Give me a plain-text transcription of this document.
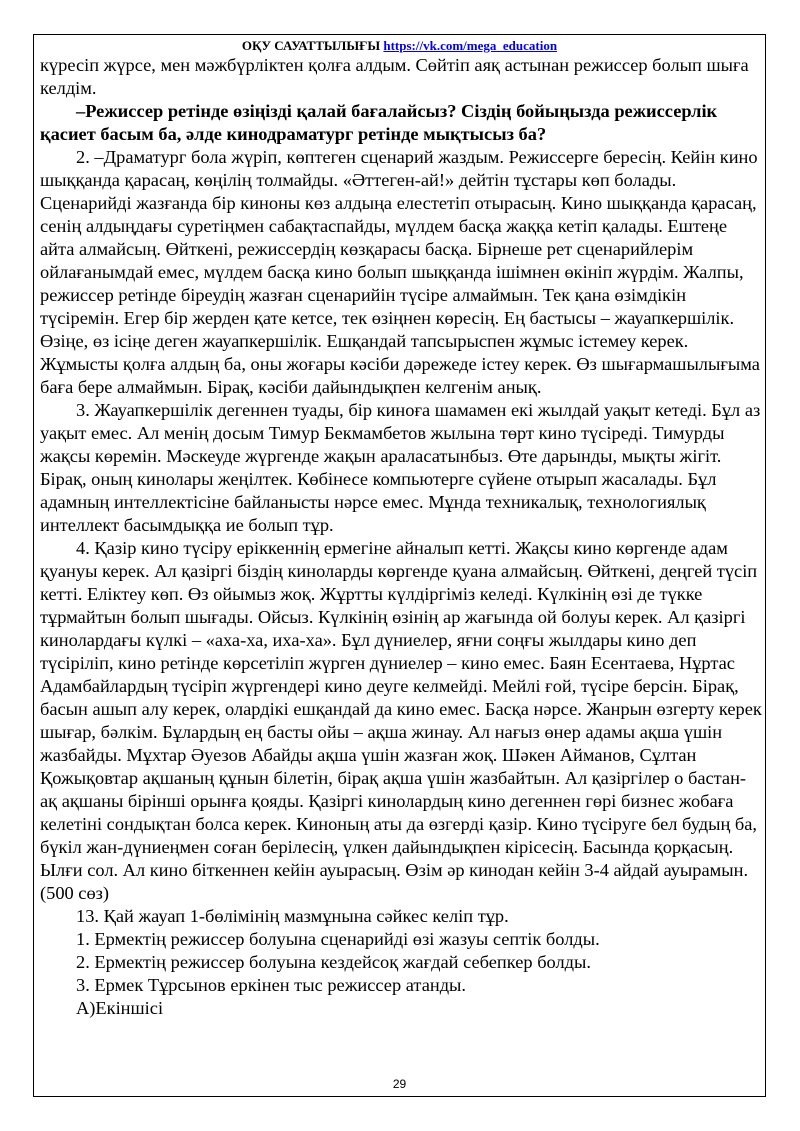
ОҚУ САУАТТЫЛЫҒЫ https://vk.com/mega_education

күресіп жүрсе, мен мәжбүрліктен қолға алдым. Сөйтіп аяқ астынан режиссер болып шыға келдім.

–Режиссер ретінде өзіңізді қалай бағалайсыз? Сіздің бойыңызда режиссерлік қасиет басым ба, әлде кинодраматург ретінде мықтысыз ба?

2. –Драматург бола жүріп, көптеген сценарий жаздым. Режиссерге бересің. Кейін кино шыққанда қарасаң, көңілің толмайды. «Әттеген-ай!» дейтін тұстары көп болады. Сценарийді жазғанда бір киноны көз алдыңа елестетіп отырасың. Кино шыққанда қарасаң, сенің алдыңдағы суретіңмен сабақтаспайды, мүлдем басқа жаққа кетіп қалады. Ештеңе айта алмайсың. Өйткені, режиссердің көзқарасы басқа. Бірнеше рет сценарийлерім ойлағанымдай емес, мүлдем басқа кино болып шыққанда ішімнен өкініп жүрдім. Жалпы, режиссер ретінде біреудің жазған сценарийін түсіре алмаймын. Тек қана өзімдікін түсіремін. Егер бір жерден қате кетсе, тек өзіңнен көресің. Ең бастысы – жауапкершілік. Өзіңе, өз ісіңе деген жауапкершілік. Ешқандай тапсырыспен жұмыс істемеу керек. Жұмысты қолға алдың ба, оны жоғары кәсіби дәрежеде істеу керек. Өз шығармашылығыма баға бере алмаймын. Бірақ, кәсіби дайындықпен келгенім анық.

3. Жауапкершілік дегеннен туады, бір киноға шамамен екі жылдай уақыт кетеді. Бұл аз уақыт емес. Ал менің досым Тимур Бекмамбетов жылына төрт кино түсіреді. Тимурды жақсы көремін. Мәскеуде жүргенде жақын араласатынбыз. Өте дарынды, мықты жігіт. Бірақ, оның кинолары жеңілтек. Көбінесе компьютерге сүйене отырып жасалады. Бұл адамның интеллектісіне байланысты нәрсе емес. Мұнда техникалық, технологиялық интеллект басымдыққа ие болып тұр.

4. Қазір кино түсіру еріккеннің ермегіне айналып кетті. Жақсы кино көргенде адам қуануы керек. Ал қазіргі біздің киноларды көргенде қуана алмайсың. Өйткені, деңгей түсіп кетті. Еліктеу көп. Өз ойымыз жоқ. Жұртты күлдіргіміз келеді. Күлкінің өзі де түкке тұрмайтын болып шығады. Ойсыз. Күлкінің өзінің ар жағында ой болуы керек. Ал қазіргі кинолардағы күлкі – «аха-ха, иха-ха». Бұл дүниелер, яғни соңғы жылдары кино деп түсіріліп, кино ретінде көрсетіліп жүрген дүниелер – кино емес. Баян Есентаева, Нұртас Адамбайлардың түсіріп жүргендері кино деуге келмейді. Мейлі ғой, түсіре берсін. Бірақ, басын ашып алу керек, олардікі ешқандай да кино емес. Басқа нәрсе. Жанрын өзгерту керек шығар, бәлкім. Бұлардың ең басты ойы – ақша жинау. Ал нағыз өнер адамы ақша үшін жазбайды. Мұхтар Әуезов Абайды ақша үшін жазған жоқ. Шәкен Айманов, Сұлтан Қожықовтар ақшаның құнын білетін, бірақ ақша үшін жазбайтын. Ал қазіргілер о бастан-ақ ақшаны бірінші орынға қояды. Қазіргі кинолардың кино дегеннен гөрі бизнес жобаға келетіні сондықтан болса керек. Киноның аты да өзгерді қазір. Кино түсіруге бел будың ба, бүкіл жан-дүниеңмен соған берілесің, үлкен дайындықпен кірісесің. Басында қорқасың. Ылғи сол. Ал кино біткеннен кейін ауырасың. Өзім әр кинодан кейін 3-4 айдай ауырамын. (500 сөз)

13. Қай жауап 1-бөлімінің мазмұнына сәйкес келіп тұр.

1. Ермектің режиссер болуына сценарийді өзі жазуы септік болды.

2. Ермектің режиссер болуына кездейсоқ жағдай себепкер болды.

3. Ермек Тұрсынов еркінен тыс режиссер атанды.

А)Екіншісі

29
